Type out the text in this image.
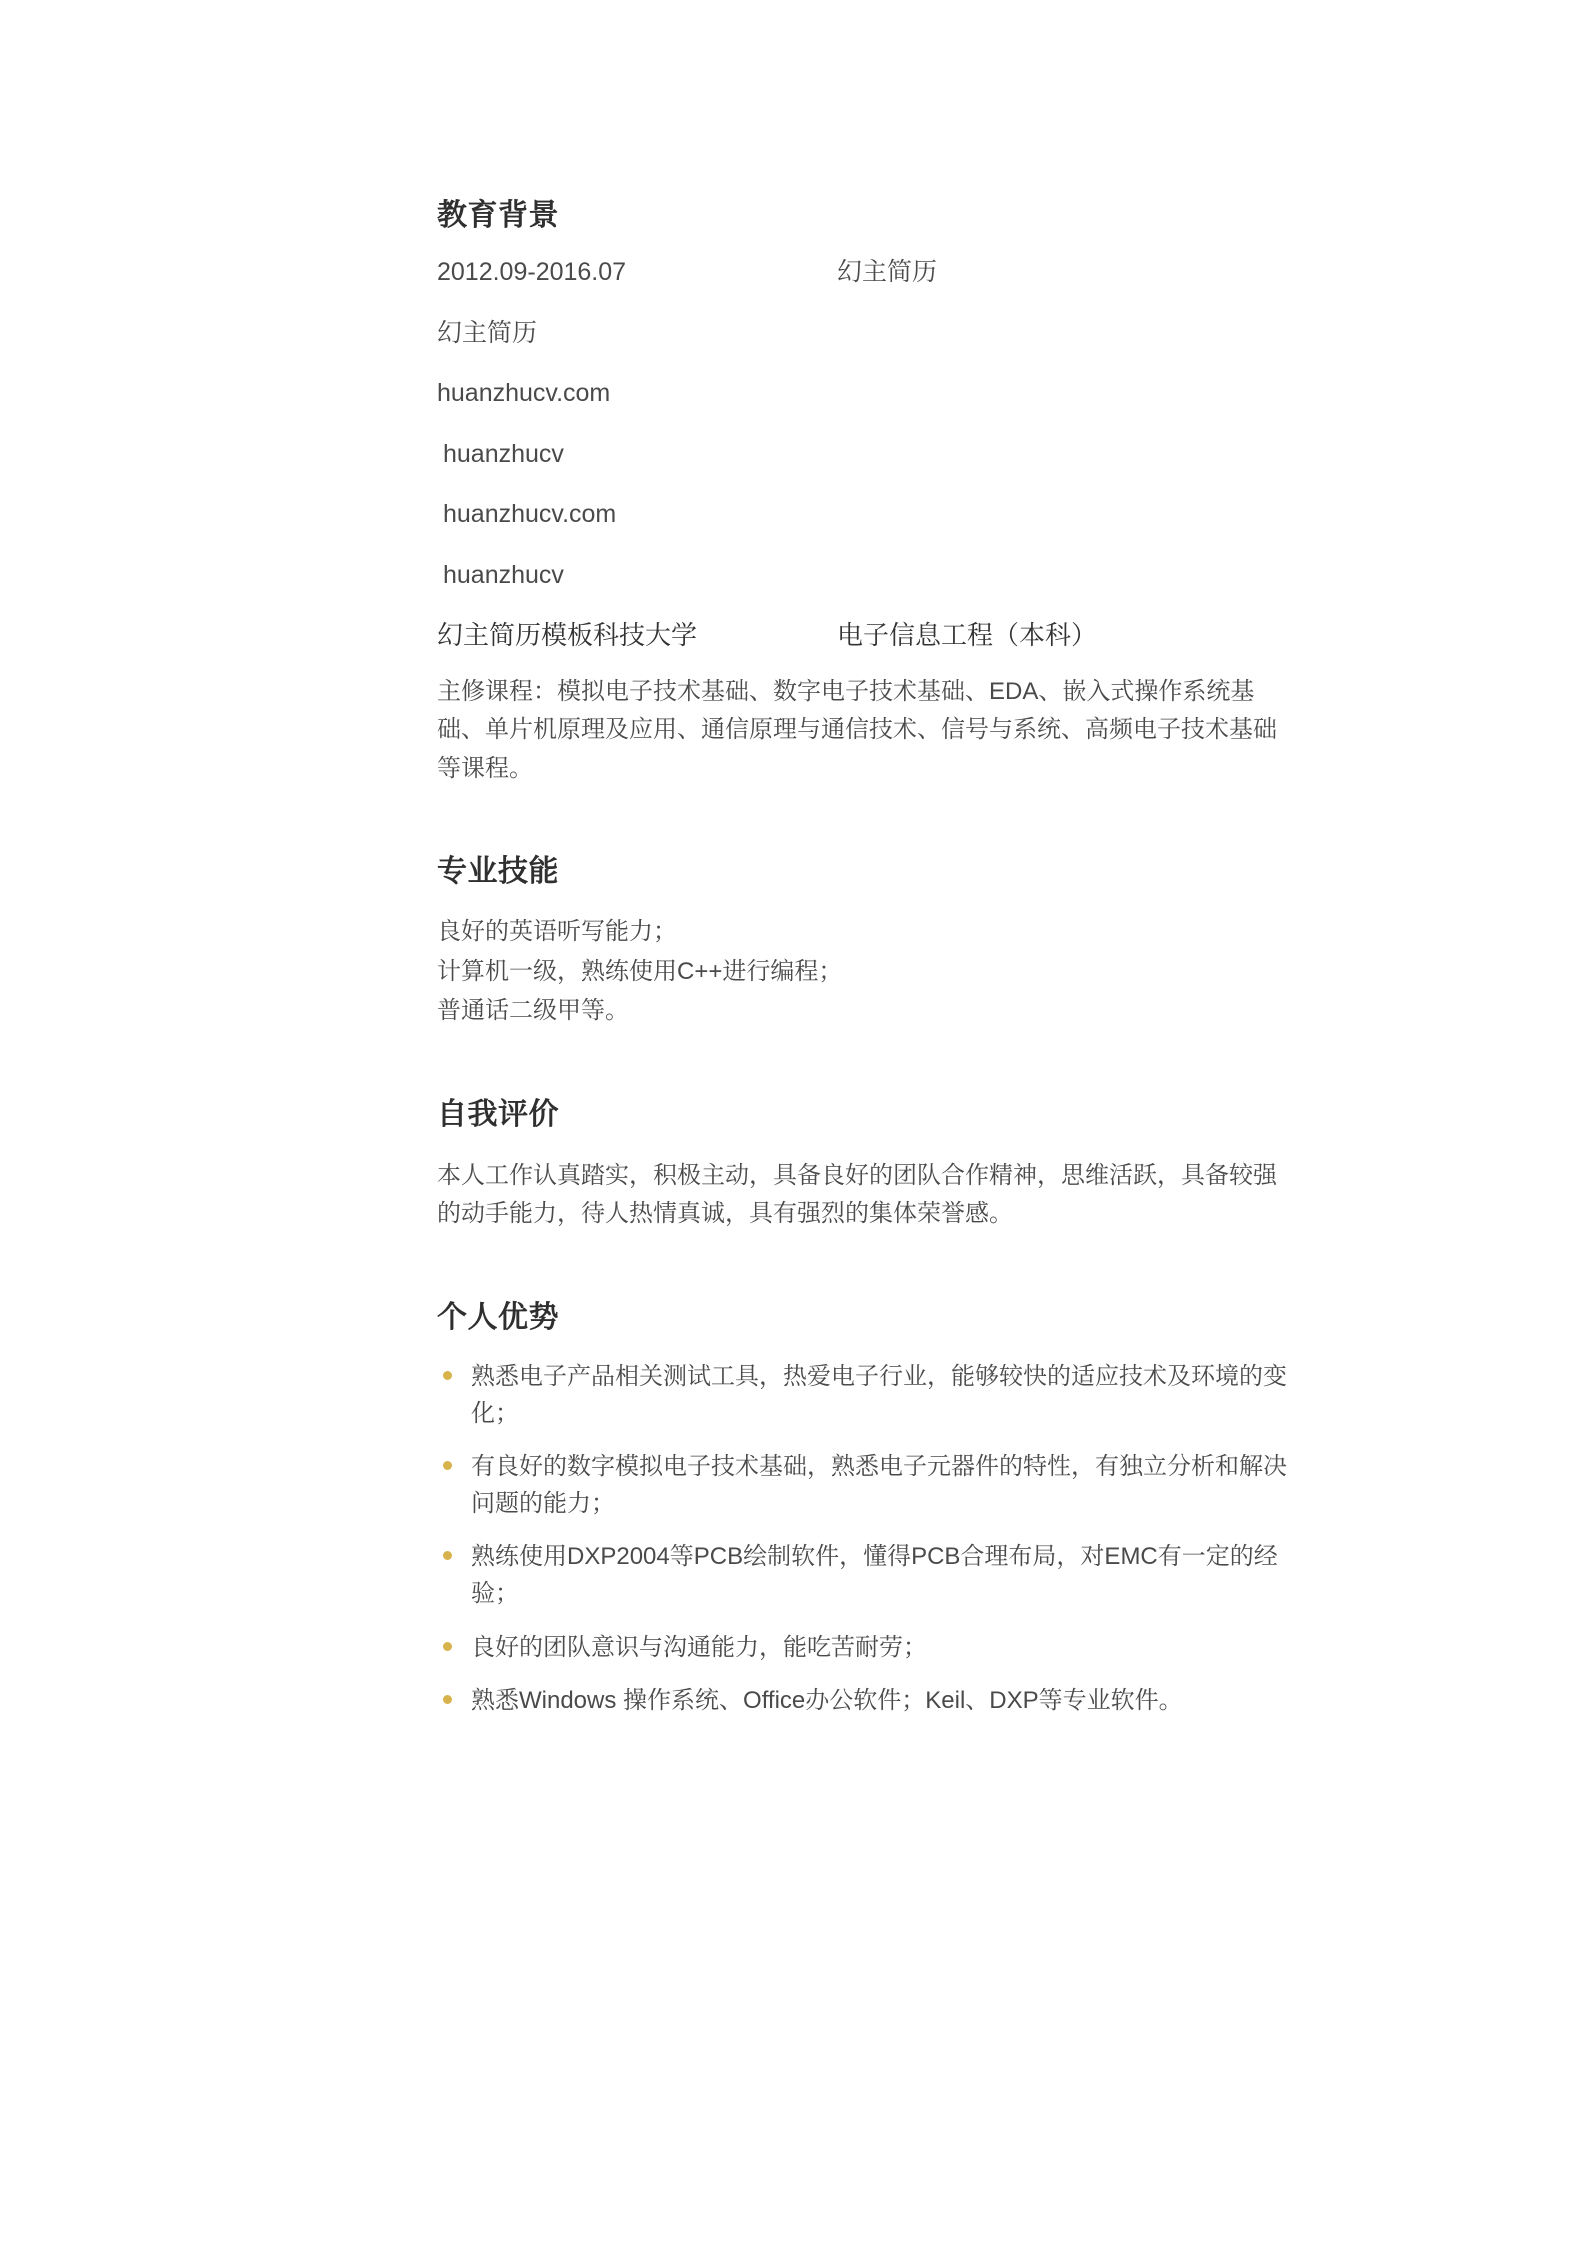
教育背景
2012.09-2016.07	幻主简历
幻主简历
huanzhucv.com
huanzhucv
huanzhucv.com
huanzhucv
幻主简历模板科技大学	电子信息工程（本科）

主修课程：模拟电子技术基础、数字电子技术基础、EDA、嵌入式操作系统基础、单片机原理及应用、通信原理与通信技术、信号与系统、高频电子技术基础等课程。

专业技能
良好的英语听写能力；
计算机一级，熟练使用C++进行编程；
普通话二级甲等。
自我评价

本人工作认真踏实，积极主动，具备良好的团队合作精神，思维活跃，具备较强的动手能力，待人热情真诚，具有强烈的集体荣誉感。

个人优势
熟悉电子产品相关测试工具，热爱电子行业，能够较快的适应技术及环境的变化；
有良好的数字模拟电子技术基础，熟悉电子元器件的特性，有独立分析和解决问题的能力；
熟练使用DXP2004等PCB绘制软件，懂得PCB合理布局，对EMC有一定的经验；
良好的团队意识与沟通能力，能吃苦耐劳；
熟悉Windows 操作系统、Office办公软件；Keil、DXP等专业软件。
